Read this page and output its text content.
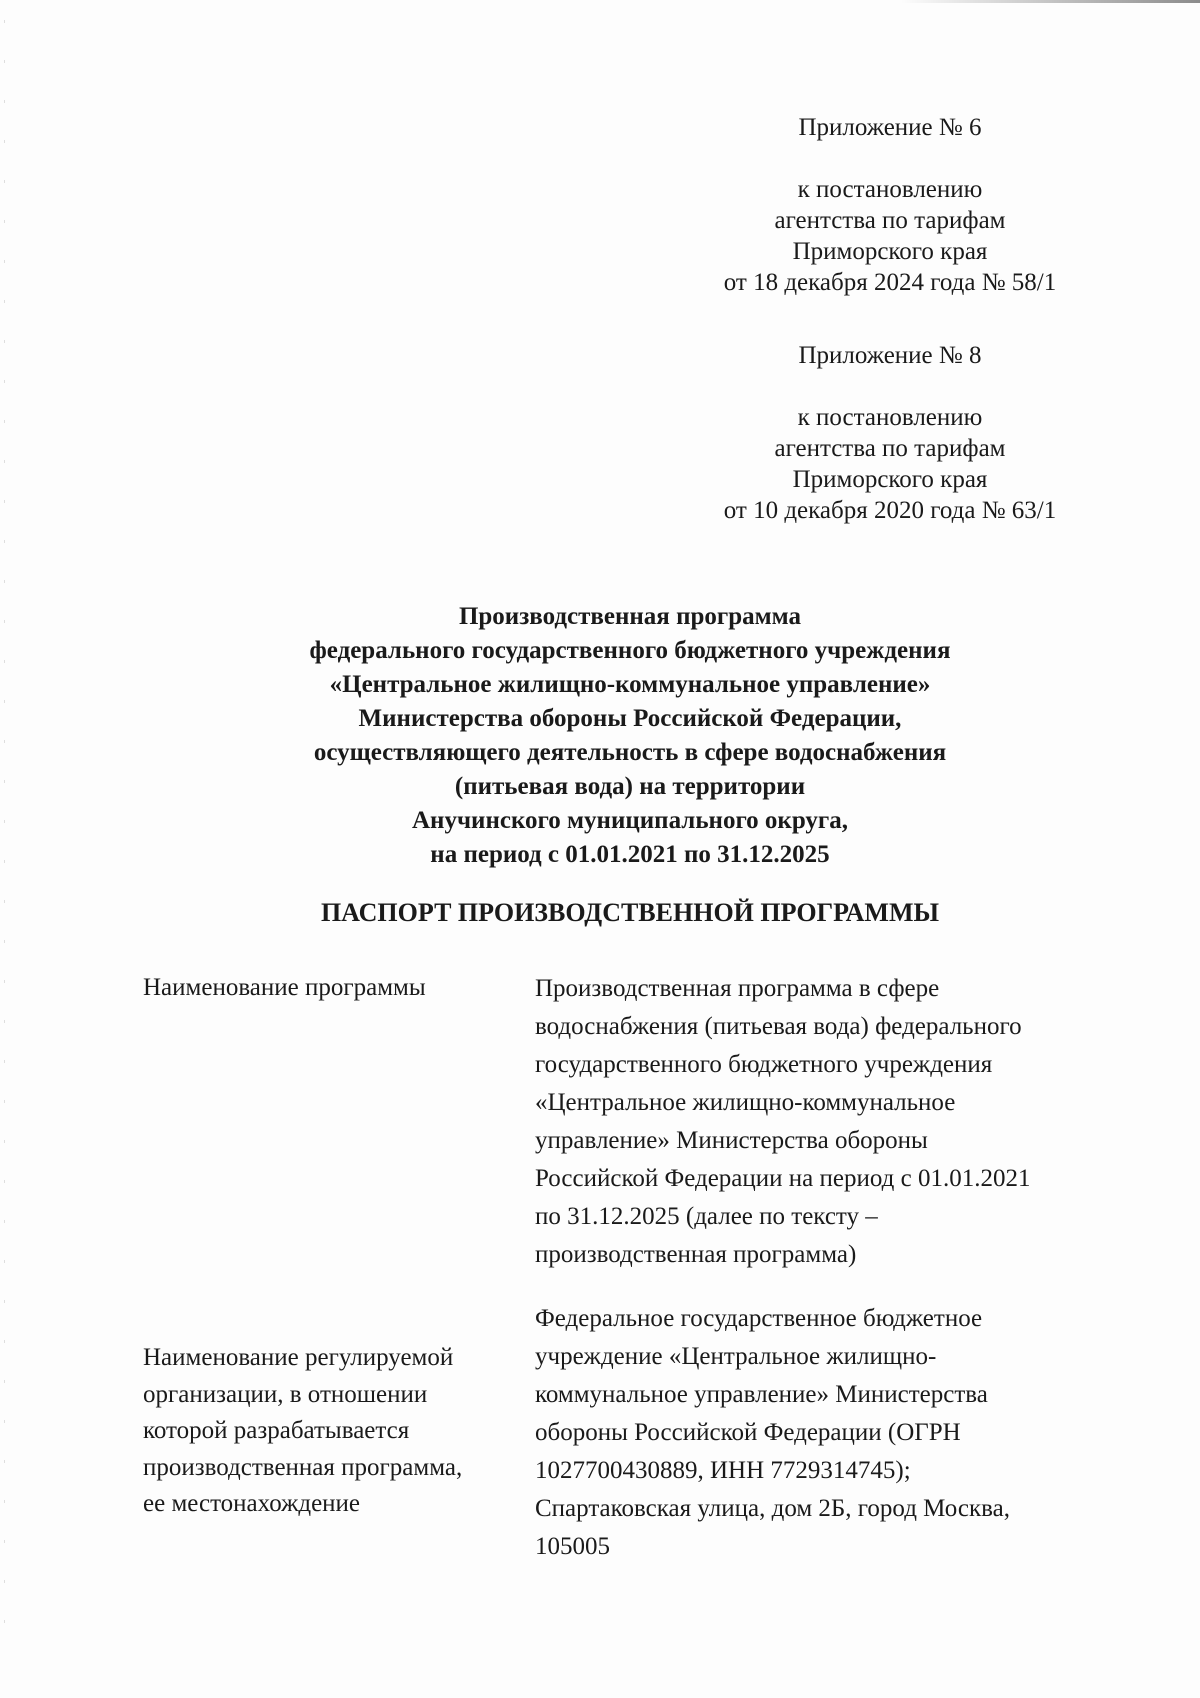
Приложение № 6
к постановлению
агентства по тарифам
Приморского края
от 18 декабря 2024 года № 58/1
Приложение № 8
к постановлению
агентства по тарифам
Приморского края
от 10 декабря 2020 года № 63/1
Производственная программа
федерального государственного бюджетного учреждения
«Центральное жилищно-коммунальное управление»
Министерства обороны Российской Федерации,
осуществляющего деятельность в сфере водоснабжения
(питьевая вода) на территории
Анучинского муниципального округа,
на период с 01.01.2021 по 31.12.2025
ПАСПОРТ ПРОИЗВОДСТВЕННОЙ ПРОГРАММЫ
Наименование программы	Производственная программа в сфере
водоснабжения (питьевая вода) федерального
государственного бюджетного учреждения
«Центральное жилищно-коммунальное
управление» Министерства обороны
Российской Федерации на период с 01.01.2021
по 31.12.2025 (далее по тексту –
производственная программа)
Наименование регулируемой
организации, в отношении
которой разрабатывается
производственная программа,
ее местонахождение
Федеральное государственное бюджетное
учреждение «Центральное жилищно-
коммунальное управление» Министерства
обороны Российской Федерации (ОГРН
1027700430889, ИНН 7729314745);
Спартаковская улица, дом 2Б, город Москва,
105005
